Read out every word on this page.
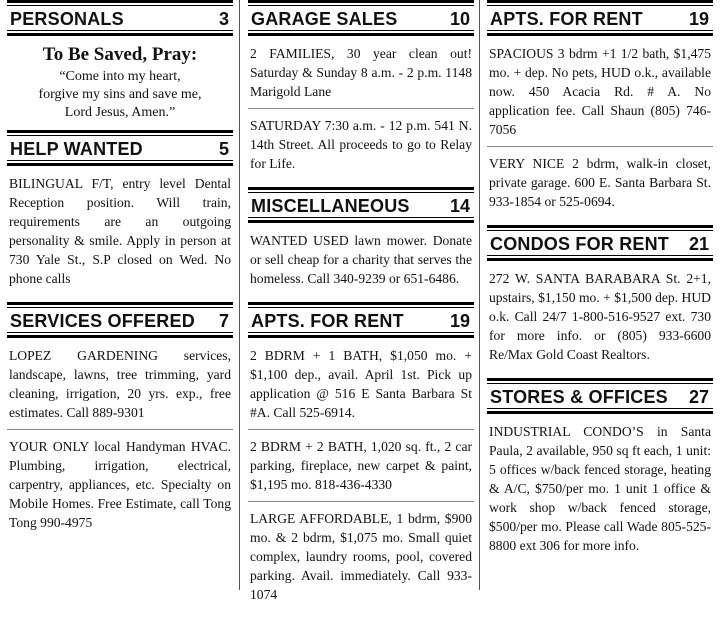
PERSONALS	3
To Be Saved, Pray:
“Come into my heart,
forgive my sins and save me,
Lord Jesus, Amen.”
HELP WANTED	5
BILINGUAL F/T, entry level Dental Reception position. Will train, requirements are an outgoing personality & smile. Apply in person at 730 Yale St., S.P closed on Wed. No phone calls
SERVICES OFFERED 7
LOPEZ GARDENING services, landscape, lawns, tree trimming, yard cleaning, irrigation, 20 yrs. exp., free estimates. Call 889-9301
YOUR ONLY local Handyman HVAC. Plumbing, irrigation, electrical, carpentry, appliances, etc. Specialty on Mobile Homes. Free Estimate, call Tong Tong 990-4975
GARAGE SALES	10
2 FAMILIES, 30 year clean out! Saturday & Sunday 8 a.m. - 2 p.m. 1148 Marigold Lane
SATURDAY 7:30 a.m. - 12 p.m. 541 N. 14th Street. All proceeds to go to Relay for Life.
MISCELLANEOUS 14
WANTED USED lawn mower. Donate or sell cheap for a charity that serves the homeless. Call 340-9239 or 651-6486.
APTS. FOR RENT	19
2 BDRM + 1 BATH, $1,050 mo. + $1,100 dep., avail. April 1st. Pick up application @ 516 E Santa Barbara St #A. Call 525-6914.
2 BDRM + 2 BATH, 1,020 sq. ft., 2 car parking, fireplace, new carpet & paint, $1,195 mo. 818-436-4330
LARGE AFFORDABLE, 1 bdrm, $900 mo. & 2 bdrm, $1,075 mo. Small quiet complex, laundry rooms, pool, covered parking. Avail. immediately. Call 933-1074
APTS. FOR RENT	19
SPACIOUS 3 bdrm +1 1/2 bath, $1,475 mo. + dep. No pets, HUD o.k., available now. 450 Acacia Rd. # A. No application fee. Call Shaun (805) 746-7056
VERY NICE 2 bdrm, walk-in closet, private garage. 600 E. Santa Barbara St. 933-1854 or 525-0694.
CONDOS FOR RENT 21
272 W. SANTA BARABARA St. 2+1, upstairs, $1,150 mo. + $1,500 dep. HUD o.k. Call 24/7 1-800-516-9527 ext. 730 for more info. or (805) 933-6600 Re/Max Gold Coast Realtors.
STORES & OFFICES 27
INDUSTRIAL CONDO’S in Santa Paula, 2 available, 950 sq ft each, 1 unit: 5 offices w/back fenced storage, heating & A/C, $750/per mo. 1 unit 1 office & work shop w/back fenced storage, $500/per mo. Please call Wade 805-525-8800 ext 306 for more info.
